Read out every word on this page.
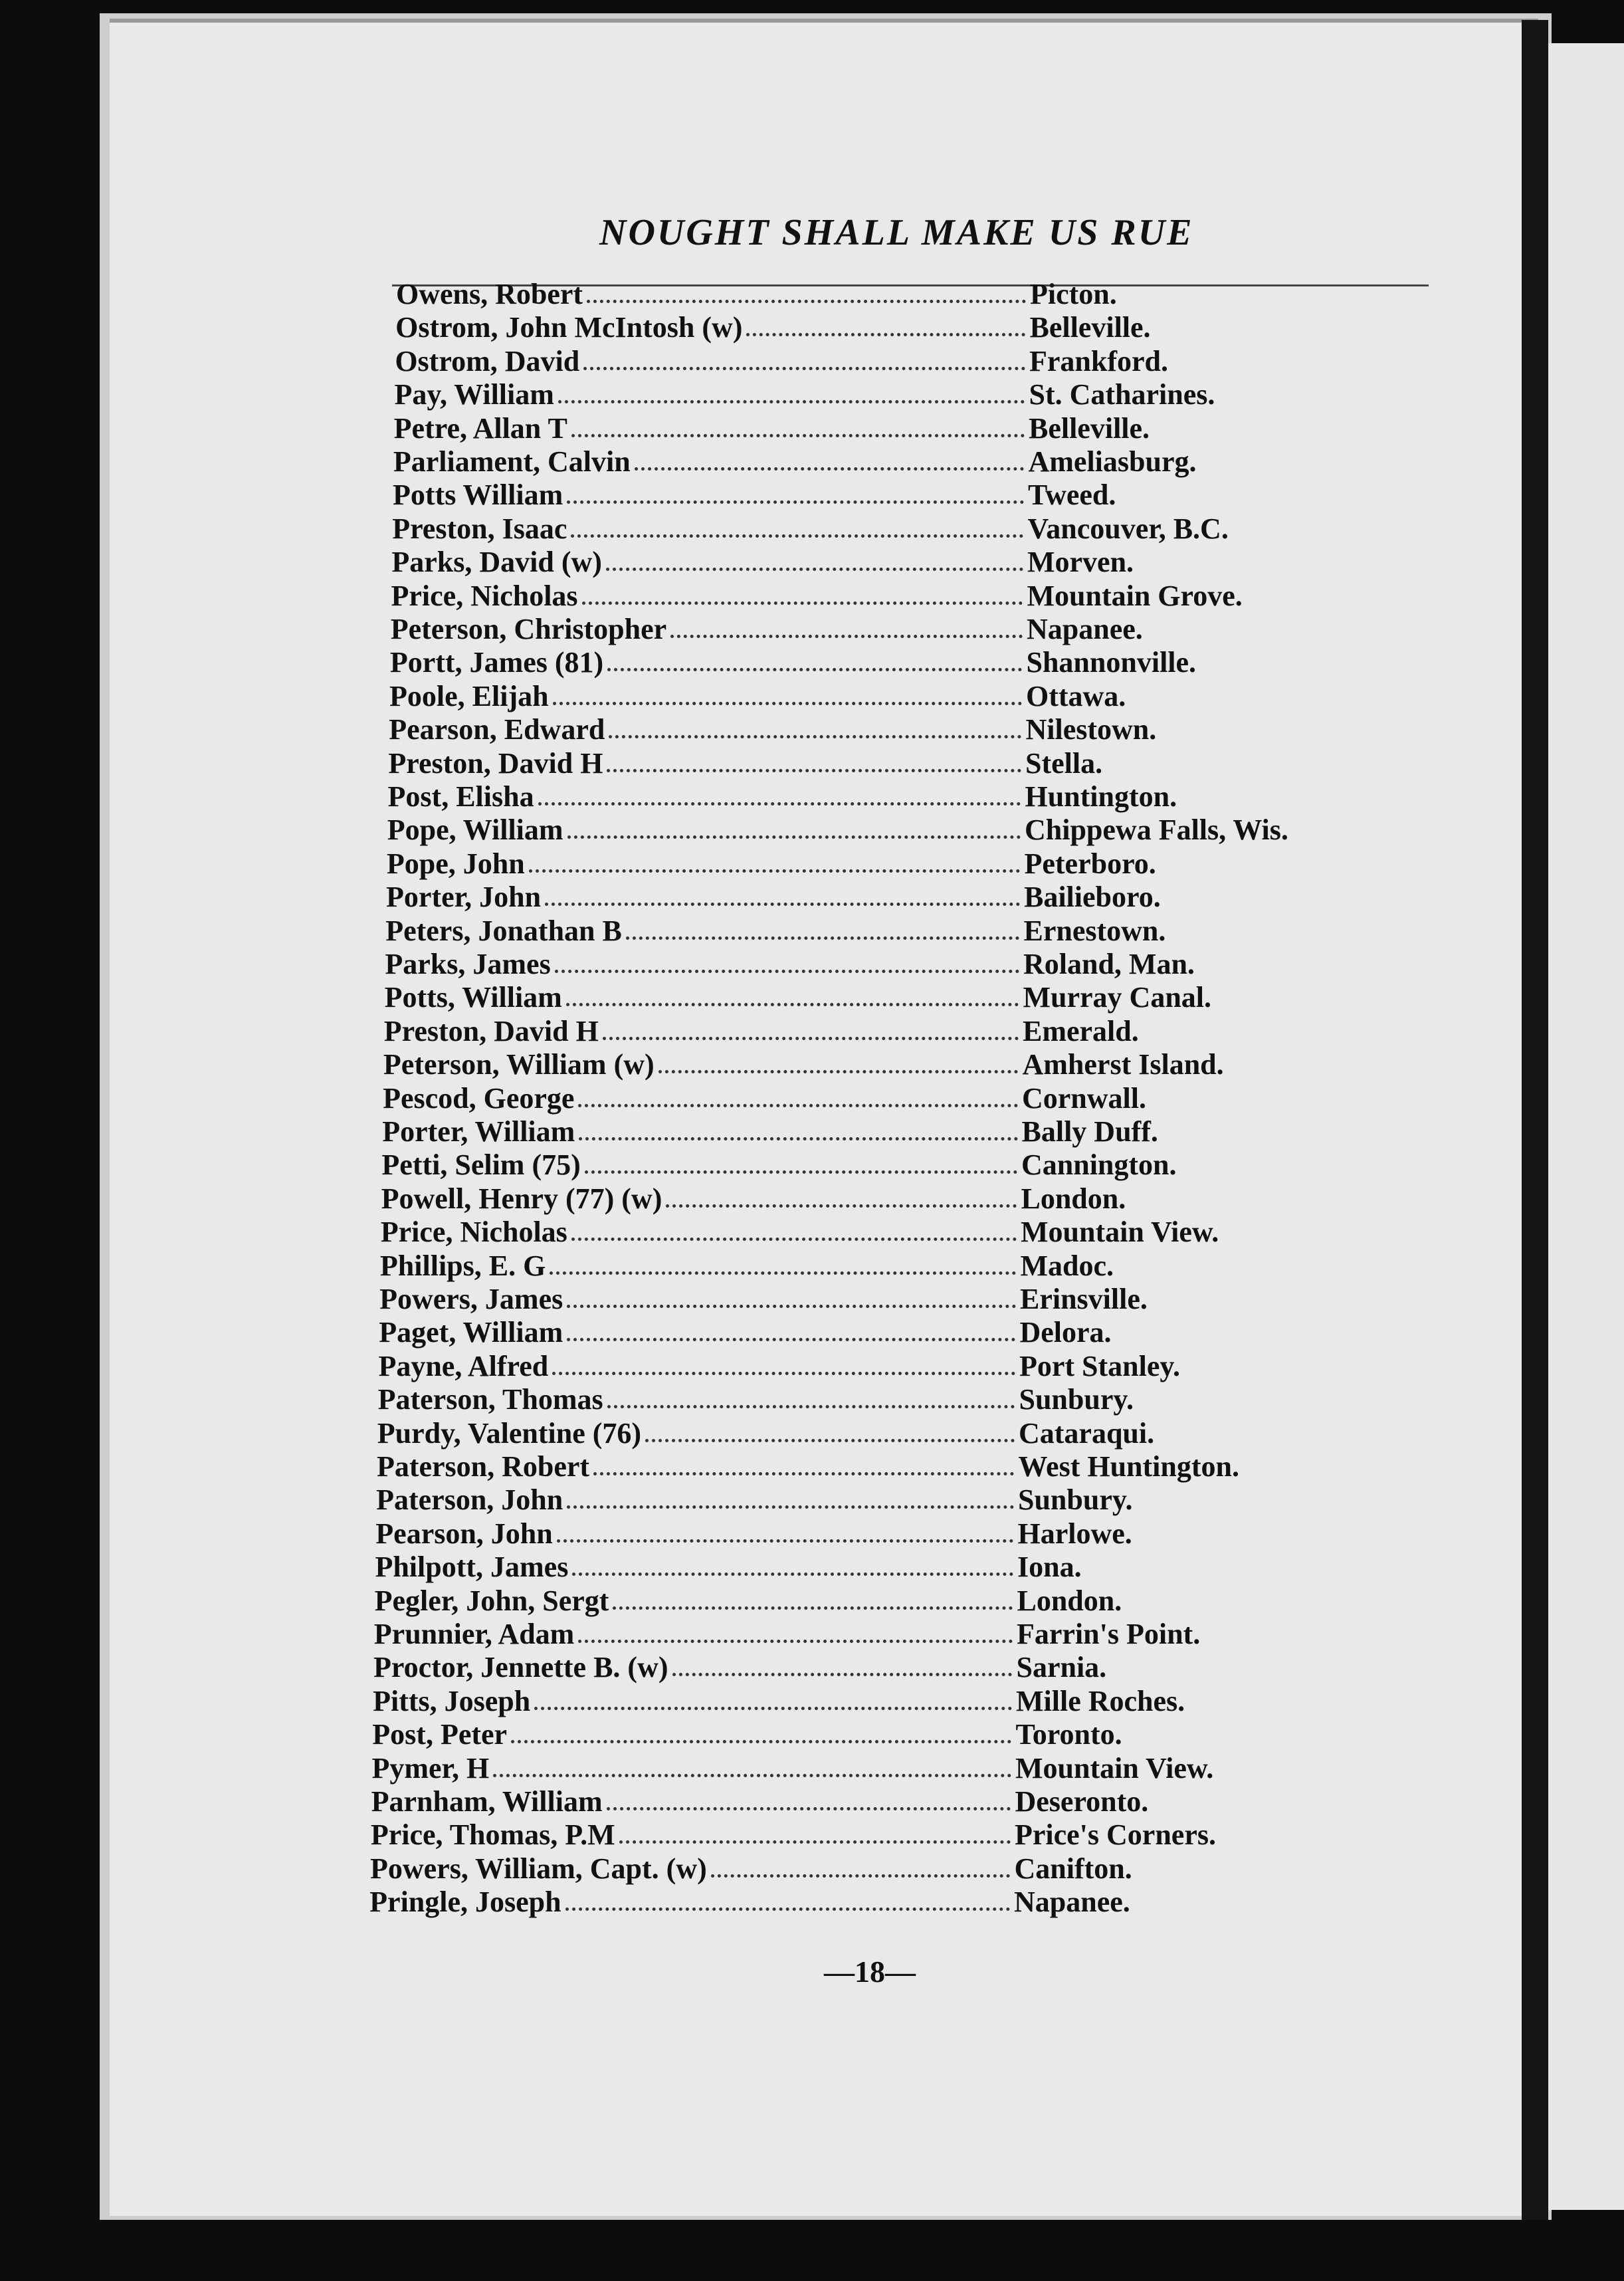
NOUGHT SHALL MAKE US RUE
Owens, Robert	Picton.
Ostrom, John McIntosh (w)	Belleville.
Ostrom, David	Frankford.
Pay, William	St. Catharines.
Petre, Allan T	Belleville.
Parliament, Calvin	Ameliasburg.
Potts William	Tweed.
Preston, Isaac	Vancouver, B.C.
Parks, David (w)	Morven.
Price, Nicholas	Mountain Grove.
Peterson, Christopher	Napanee.
Portt, James (81)	Shannonville.
Poole, Elijah	Ottawa.
Pearson, Edward	Nilestown.
Preston, David H	Stella.
Post, Elisha	Huntington.
Pope, William	Chippewa Falls, Wis.
Pope, John	Peterboro.
Porter, John	Bailieboro.
Peters, Jonathan B	Ernestown.
Parks, James	Roland, Man.
Potts, William	Murray Canal.
Preston, David H	Emerald.
Peterson, William (w)	Amherst Island.
Pescod, George	Cornwall.
Porter, William	Bally Duff.
Petti, Selim (75)	Cannington.
Powell, Henry (77) (w)	London.
Price, Nicholas	Mountain View.
Phillips, E. G	Madoc.
Powers, James	Erinsville.
Paget, William	Delora.
Payne, Alfred	Port Stanley.
Paterson, Thomas	Sunbury.
Purdy, Valentine (76)	Cataraqui.
Paterson, Robert	West Huntington.
Paterson, John	Sunbury.
Pearson, John	Harlowe.
Philpott, James	Iona.
Pegler, John, Sergt	London.
Prunnier, Adam	Farrin's Point.
Proctor, Jennette B. (w)	Sarnia.
Pitts, Joseph	Mille Roches.
Post, Peter	Toronto.
Pymer, H	Mountain View.
Parnham, William	Deseronto.
Price, Thomas, P.M	Price's Corners.
Powers, William, Capt. (w)	Canifton.
Pringle, Joseph	Napanee.
—18—
